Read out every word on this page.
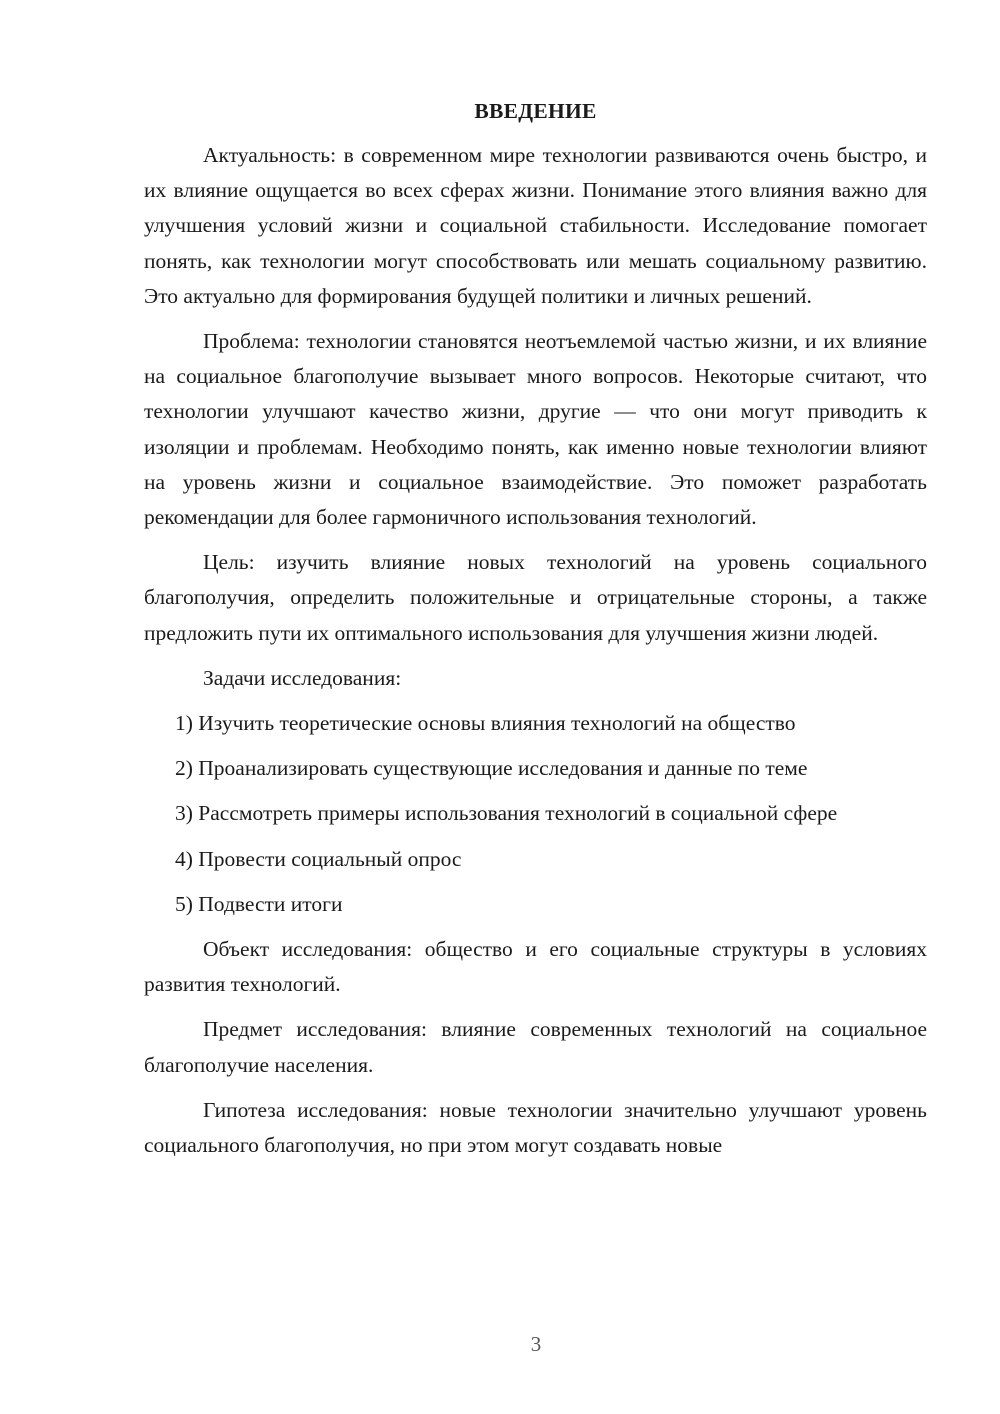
ВВЕДЕНИЕ

Актуальность: в современном мире технологии развиваются очень быстро, и их влияние ощущается во всех сферах жизни. Понимание этого влияния важно для улучшения условий жизни и социальной стабильности. Исследование помогает понять, как технологии могут способствовать или мешать социальному развитию. Это актуально для формирования будущей политики и личных решений.

Проблема: технологии становятся неотъемлемой частью жизни, и их влияние на социальное благополучие вызывает много вопросов. Некоторые считают, что технологии улучшают качество жизни, другие — что они могут приводить к изоляции и проблемам. Необходимо понять, как именно новые технологии влияют на уровень жизни и социальное взаимодействие. Это поможет разработать рекомендации для более гармоничного использования технологий.

Цель: изучить влияние новых технологий на уровень социального благополучия, определить положительные и отрицательные стороны, а также предложить пути их оптимального использования для улучшения жизни людей.

Задачи исследования:

1) Изучить теоретические основы влияния технологий на общество

2) Проанализировать существующие исследования и данные по теме

3) Рассмотреть примеры использования технологий в социальной сфере

4) Провести социальный опрос

5) Подвести итоги

Объект исследования: общество и его социальные структуры в условиях развития технологий.

Предмет исследования: влияние современных технологий на социальное благополучие населения.

Гипотеза исследования: новые технологии значительно улучшают уровень социального благополучия, но при этом могут создавать новые

3
